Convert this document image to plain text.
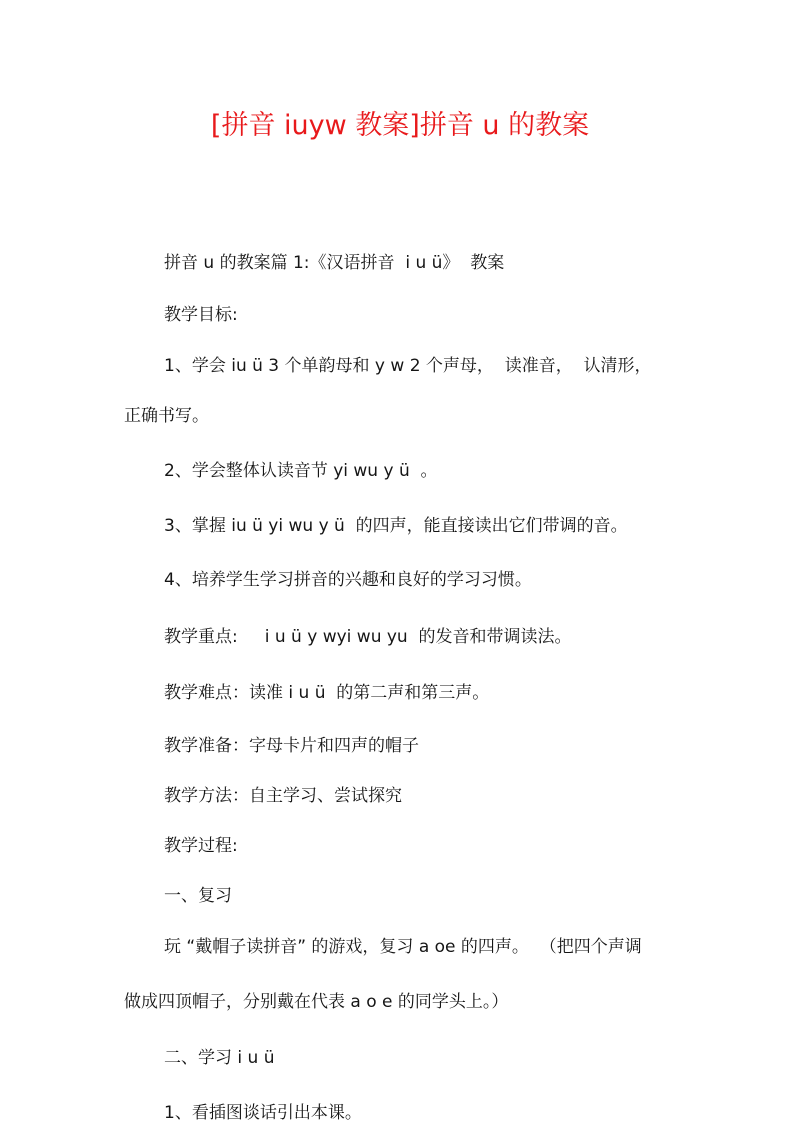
[拼音 iuyw 教案]拼音 u 的教案
拼音 u 的教案篇 1:《汉语拼音  i u ü》  教案
教学目标:
1、学会 iu ü 3 个单韵母和 y w 2 个声母，  读准音，  认清形，
正确书写。
2、学会整体认读音节 yi wu y ü  。
3、掌握 iu ü yi wu y ü  的四声，能直接读出它们带调的音。
4、培养学生学习拼音的兴趣和良好的学习习惯。
教学重点:     i u ü y wyi wu yu  的发音和带调读法。
教学难点：读准 i u ü  的第二声和第三声。
教学准备：字母卡片和四声的帽子
教学方法：自主学习、尝试探究
教学过程:
一、复习
玩 “戴帽子读拼音” 的游戏，复习 a oe 的四声。  （把四个声调
做成四顶帽子，分别戴在代表 a o e 的同学头上。）
二、学习 i u ü
1、看插图谈话引出本课。
